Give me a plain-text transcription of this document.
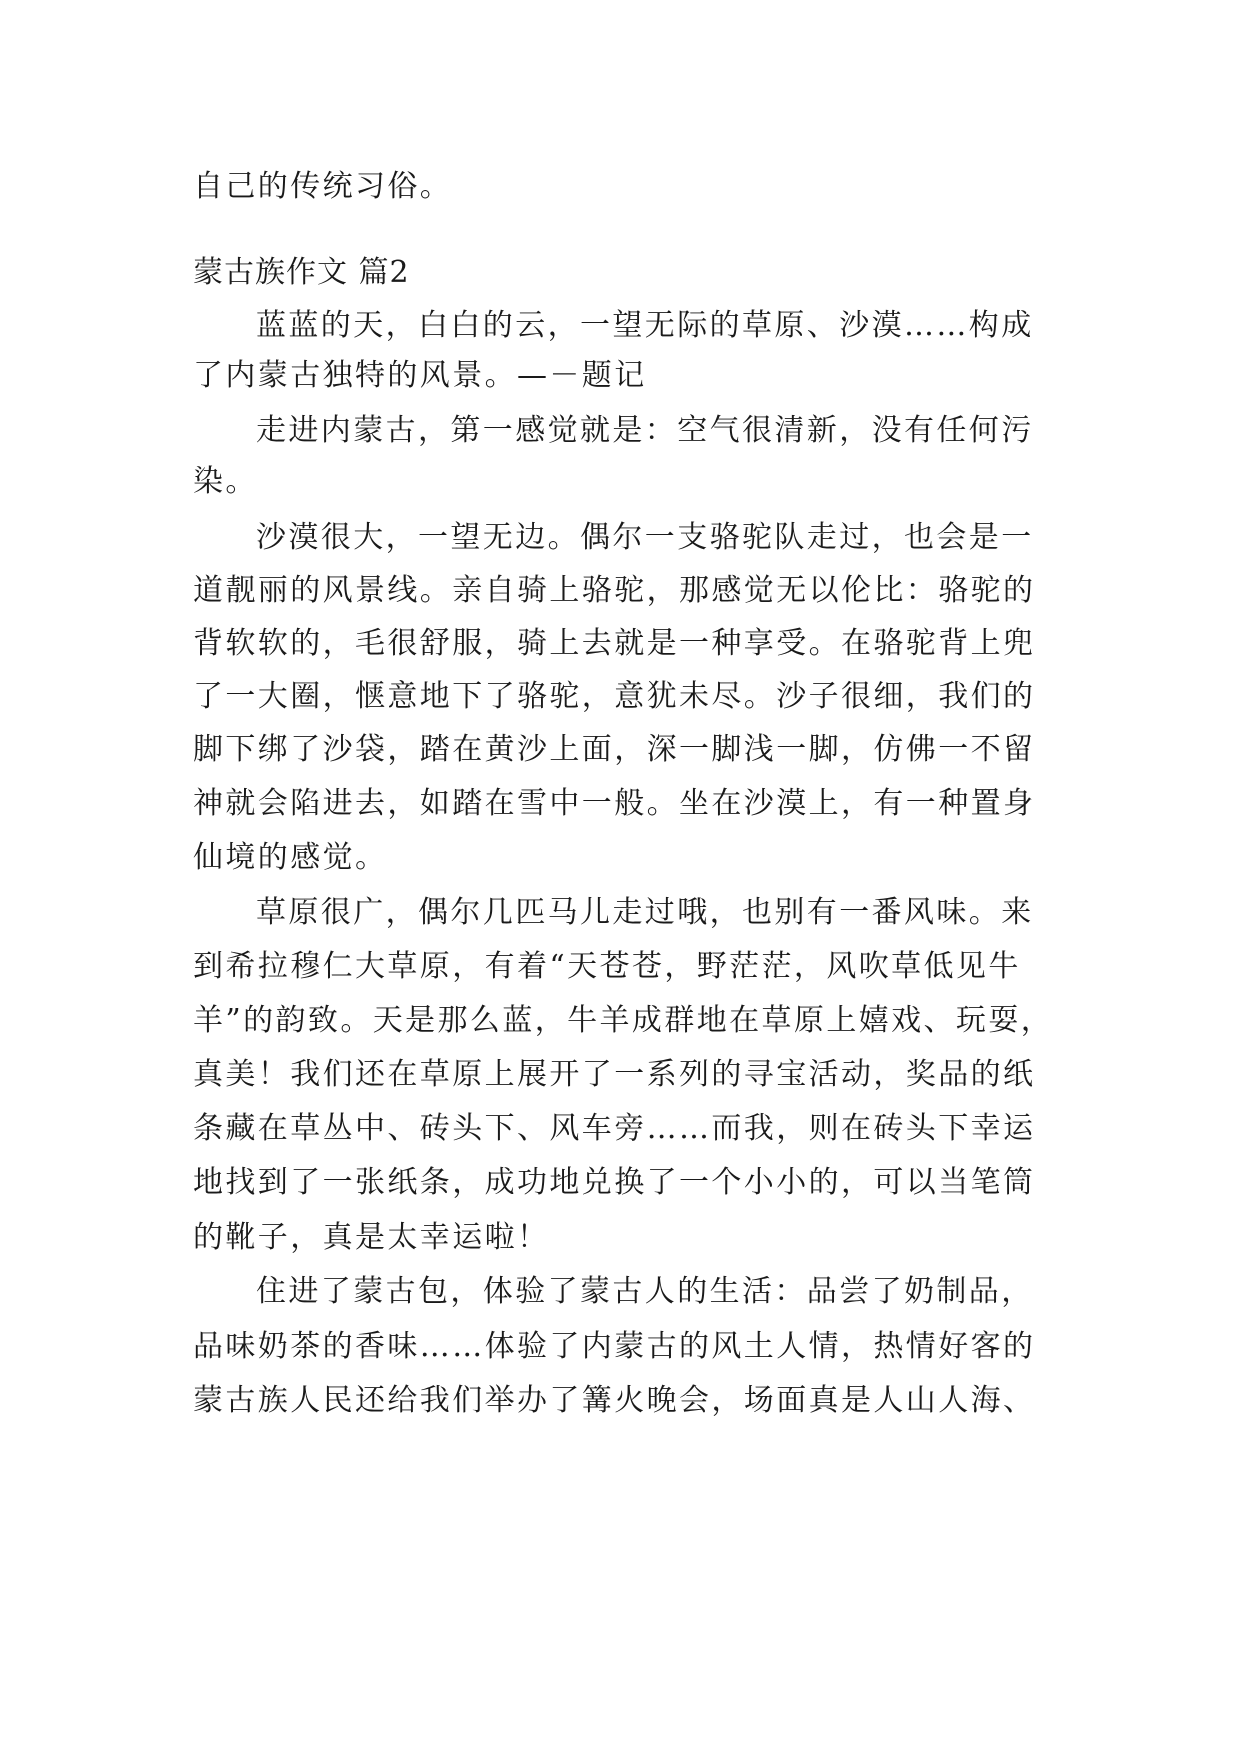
自己的传统习俗。
蒙古族作文 篇2
蓝蓝的天，白白的云，一望无际的草原、沙漠……构成
了内蒙古独特的风景。—－题记
走进内蒙古，第一感觉就是：空气很清新，没有任何污
染。
沙漠很大，一望无边。偶尔一支骆驼队走过，也会是一
道靓丽的风景线。亲自骑上骆驼，那感觉无以伦比：骆驼的
背软软的，毛很舒服，骑上去就是一种享受。在骆驼背上兜
了一大圈，惬意地下了骆驼，意犹未尽。沙子很细，我们的
脚下绑了沙袋，踏在黄沙上面，深一脚浅一脚，仿佛一不留
神就会陷进去，如踏在雪中一般。坐在沙漠上，有一种置身
仙境的感觉。
草原很广，偶尔几匹马儿走过哦，也别有一番风味。来
到希拉穆仁大草原，有着“天苍苍，野茫茫，风吹草低见牛
羊”的韵致。天是那么蓝，牛羊成群地在草原上嬉戏、玩耍，
真美！我们还在草原上展开了一系列的寻宝活动，奖品的纸
条藏在草丛中、砖头下、风车旁……而我，则在砖头下幸运
地找到了一张纸条，成功地兑换了一个小小的，可以当笔筒
的靴子，真是太幸运啦！
住进了蒙古包，体验了蒙古人的生活：品尝了奶制品，
品味奶茶的香味……体验了内蒙古的风土人情，热情好客的
蒙古族人民还给我们举办了篝火晚会，场面真是人山人海、
